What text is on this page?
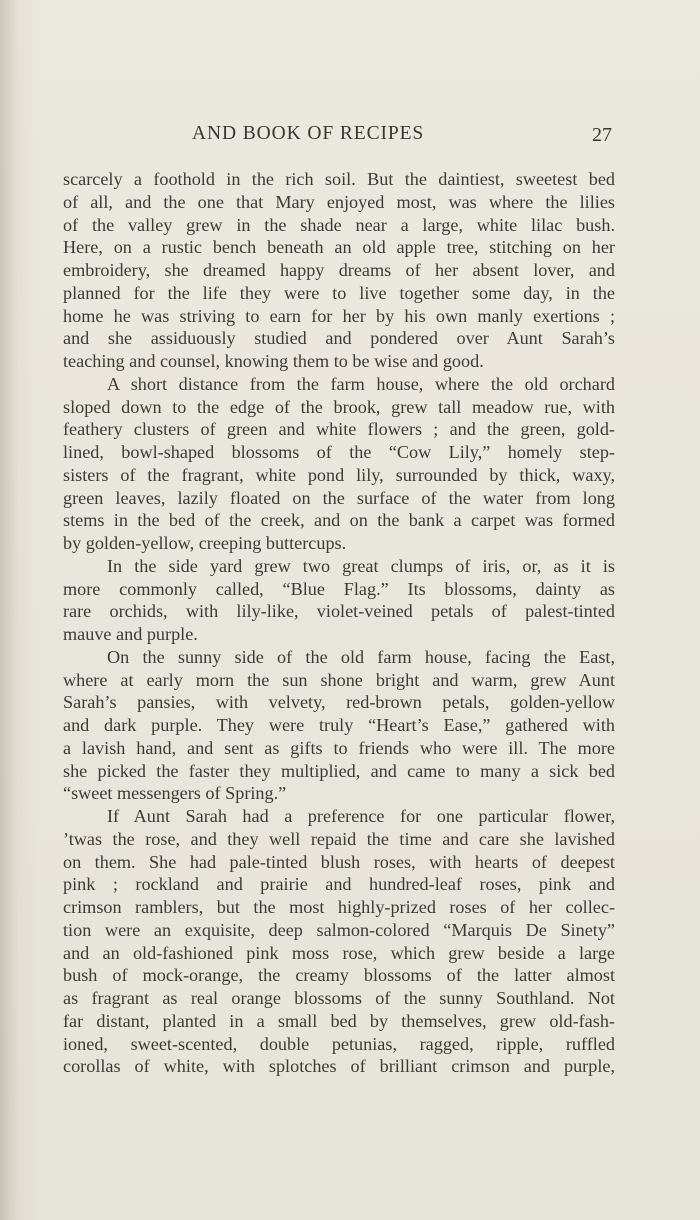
AND BOOK OF RECIPES	27
scarcely a foothold in the rich soil. But the daintiest, sweetest bed
of all, and the one that Mary enjoyed most, was where the lilies
of the valley grew in the shade near a large, white lilac bush.
Here, on a rustic bench beneath an old apple tree, stitching on her
embroidery, she dreamed happy dreams of her absent lover, and
planned for the life they were to live together some day, in the
home he was striving to earn for her by his own manly exertions ;
and she assiduously studied and pondered over Aunt Sarah’s
teaching and counsel, knowing them to be wise and good.
A short distance from the farm house, where the old orchard
sloped down to the edge of the brook, grew tall meadow rue, with
feathery clusters of green and white flowers ; and the green, gold-
lined, bowl-shaped blossoms of the “Cow Lily,” homely step-
sisters of the fragrant, white pond lily, surrounded by thick, waxy,
green leaves, lazily floated on the surface of the water from long
stems in the bed of the creek, and on the bank a carpet was formed
by golden-yellow, creeping buttercups.
In the side yard grew two great clumps of iris, or, as it is
more commonly called, “Blue Flag.” Its blossoms, dainty as
rare orchids, with lily-like, violet-veined petals of palest-tinted
mauve and purple.
On the sunny side of the old farm house, facing the East,
where at early morn the sun shone bright and warm, grew Aunt
Sarah’s pansies, with velvety, red-brown petals, golden-yellow
and dark purple. They were truly “Heart’s Ease,” gathered with
a lavish hand, and sent as gifts to friends who were ill. The more
she picked the faster they multiplied, and came to many a sick bed
“sweet messengers of Spring.”
If Aunt Sarah had a preference for one particular flower,
’twas the rose, and they well repaid the time and care she lavished
on them. She had pale-tinted blush roses, with hearts of deepest
pink ; rockland and prairie and hundred-leaf roses, pink and
crimson ramblers, but the most highly-prized roses of her collec-
tion were an exquisite, deep salmon-colored “Marquis De Sinety”
and an old-fashioned pink moss rose, which grew beside a large
bush of mock-orange, the creamy blossoms of the latter almost
as fragrant as real orange blossoms of the sunny Southland. Not
far distant, planted in a small bed by themselves, grew old-fash-
ioned, sweet-scented, double petunias, ragged, ripple, ruffled
corollas of white, with splotches of brilliant crimson and purple,
